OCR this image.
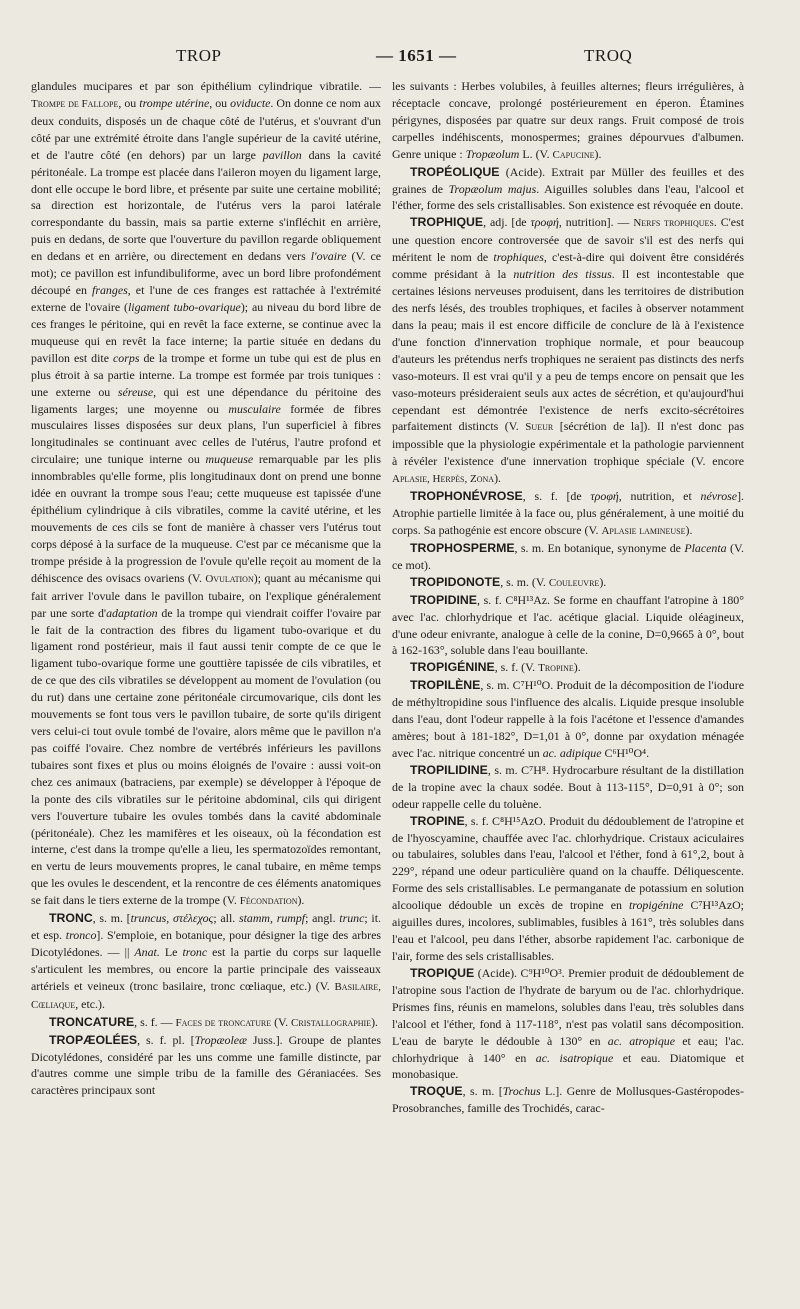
TROP	— 1651 —	TROQ

glandules mucipares et par son épithélium cylindrique vibratile. — Trompe de Fallope, ou trompe utérine, ou oviducte. On donne ce nom aux deux conduits, disposés un de chaque côté de l'utérus, et s'ouvrant d'un côté par une extrémité étroite dans l'angle supérieur de la cavité utérine, et de l'autre côté (en dehors) par un large pavillon dans la cavité péritonéale. La trompe est placée dans l'aileron moyen du ligament large, dont elle occupe le bord libre, et présente par suite une certaine mobilité; sa direction est horizontale, de l'utérus vers la paroi latérale correspondante du bassin, mais sa partie externe s'infléchit en arrière, puis en dedans, de sorte que l'ouverture du pavillon regarde obliquement en dedans et en arrière, ou directement en dedans vers l'ovaire (V. ce mot); ce pavillon est infundibuliforme, avec un bord libre profondément découpé en franges, et l'une de ces franges est rattachée à l'extrémité externe de l'ovaire (ligament tubo-ovarique); au niveau du bord libre de ces franges le péritoine, qui en revêt la face externe, se continue avec la muqueuse qui en revêt la face interne; la partie située en dedans du pavillon est dite corps de la trompe et forme un tube qui est de plus en plus étroit à sa partie interne. La trompe est formée par trois tuniques : une externe ou séreuse, qui est une dépendance du péritoine des ligaments larges; une moyenne ou musculaire formée de fibres musculaires lisses disposées sur deux plans, l'un superficiel à fibres longitudinales se continuant avec celles de l'utérus, l'autre profond et circulaire; une tunique interne ou muqueuse remarquable par les plis innombrables qu'elle forme, plis longitudinaux dont on prend une bonne idée en ouvrant la trompe sous l'eau; cette muqueuse est tapissée d'une épithélium cylindrique à cils vibratiles, comme la cavité utérine, et les mouvements de ces cils se font de manière à chasser vers l'utérus tout corps déposé à la surface de la muqueuse. C'est par ce mécanisme que la trompe préside à la progression de l'ovule qu'elle reçoit au moment de la déhiscence des ovisacs ovariens (V. Ovulation); quant au mécanisme qui fait arriver l'ovule dans le pavillon tubaire, on l'explique généralement par une sorte d'adaptation de la trompe qui viendrait coiffer l'ovaire par le fait de la contraction des fibres du ligament tubo-ovarique et du ligament rond postérieur, mais il faut aussi tenir compte de ce que le ligament tubo-ovarique forme une gouttière tapissée de cils vibratiles, et de ce que des cils vibratiles se développent au moment de l'ovulation (ou du rut) dans une certaine zone péritonéale circumovarique, cils dont les mouvements se font tous vers le pavillon tubaire, de sorte qu'ils dirigent vers celui-ci tout ovule tombé de l'ovaire, alors même que le pavillon n'a pas coiffé l'ovaire. Chez nombre de vertébrés inférieurs les pavillons tubaires sont fixes et plus ou moins éloignés de l'ovaire : aussi voit-on chez ces animaux (batraciens, par exemple) se développer à l'époque de la ponte des cils vibratiles sur le péritoine abdominal, cils qui dirigent vers l'ouverture tubaire les ovules tombés dans la cavité abdominale (péritonéale). Chez les mamifères et les oiseaux, où la fécondation est interne, c'est dans la trompe qu'elle a lieu, les spermatozoïdes remontant, en vertu de leurs mouvements propres, le canal tubaire, en même temps que les ovules le descendent, et la rencontre de ces éléments anatomiques se fait dans le tiers externe de la trompe (V. Fécondation).

TRONC, s. m. [truncus, στέλεχος; all. stamm, rumpf; angl. trunc; it. et esp. tronco]. S'emploie, en botanique, pour désigner la tige des arbres Dicotylédones. — || Anat. Le tronc est la partie du corps sur laquelle s'articulent les membres, ou encore la partie principale des vaisseaux artériels et veineux (tronc basilaire, tronc cœliaque, etc.) (V. Basilaire, Cœliaque, etc.).

TRONCATURE, s. f. — Faces de troncature (V. Cristallographie).

TROPÆOLÉES, s. f. pl. [Tropæoleæ Juss.]. Groupe de plantes Dicotylédones, considéré par les uns comme une famille distincte, par d'autres comme une simple tribu de la famille des Géraniacées. Ses caractères principaux sont

les suivants : Herbes volubiles, à feuilles alternes; fleurs irrégulières, à réceptacle concave, prolongé postérieurement en éperon. Étamines périgynes, disposées par quatre sur deux rangs. Fruit composé de trois carpelles indéhiscents, monospermes; graines dépourvues d'albumen. Genre unique : Tropæolum L. (V. Capucine).

TROPÉOLIQUE (Acide). Extrait par Müller des feuilles et des graines de Tropæolum majus. Aiguilles solubles dans l'eau, l'alcool et l'éther, forme des sels cristallisables. Son existence est révoquée en doute.

TROPHIQUE, adj. [de τροφή, nutrition]. — Nerfs trophiques. C'est une question encore controversée que de savoir s'il est des nerfs qui méritent le nom de trophiques, c'est-à-dire qui doivent être considérés comme présidant à la nutrition des tissus. Il est incontestable que certaines lésions nerveuses produisent, dans les territoires de distribution des nerfs lésés, des troubles trophiques, et faciles à observer notamment dans la peau; mais il est encore difficile de conclure de là à l'existence d'une fonction d'innervation trophique normale, et pour beaucoup d'auteurs les prétendus nerfs trophiques ne seraient pas distincts des nerfs vaso-moteurs. Il est vrai qu'il y a peu de temps encore on pensait que les vaso-moteurs présideraient seuls aux actes de sécrétion, et qu'aujourd'hui cependant est démontrée l'existence de nerfs excito-sécrétoires parfaitement distincts (V. Sueur [sécrétion de la]). Il n'est donc pas impossible que la physiologie expérimentale et la pathologie parviennent à révéler l'existence d'une innervation trophique spéciale (V. encore Aplasie, Herpès, Zona).

TROPHONÉVROSE, s. f. [de τροφή, nutrition, et névrose]. Atrophie partielle limitée à la face ou, plus généralement, à une moitié du corps. Sa pathogénie est encore obscure (V. Aplasie lamineuse).

TROPHOSPERME, s. m. En botanique, synonyme de Placenta (V. ce mot).

TROPIDONOTE, s. m. (V. Couleuvre).

TROPIDINE, s. f. C⁸H¹³Az. Se forme en chauffant l'atropine à 180° avec l'ac. chlorhydrique et l'ac. acétique glacial. Liquide oléagineux, d'une odeur enivrante, analogue à celle de la conine, D=0,9665 à 0°, bout à 162-163°, soluble dans l'eau bouillante.

TROPIGÉNINE, s. f. (V. Tropine).

TROPILÈNE, s. m. C⁷H¹⁰O. Produit de la décomposition de l'iodure de méthyltropidine sous l'influence des alcalis. Liquide presque insoluble dans l'eau, dont l'odeur rappelle à la fois l'acétone et l'essence d'amandes amères; bout à 181-182°, D=1,01 à 0°, donne par oxydation ménagée avec l'ac. nitrique concentré un ac. adipique C⁶H¹⁰O⁴.

TROPILIDINE, s. m. C⁷H⁸. Hydrocarbure résultant de la distillation de la tropine avec la chaux sodée. Bout à 113-115°, D=0,91 à 0°; son odeur rappelle celle du toluène.

TROPINE, s. f. C⁸H¹⁵AzO. Produit du dédoublement de l'atropine et de l'hyoscyamine, chauffée avec l'ac. chlorhydrique. Cristaux aciculaires ou tabulaires, solubles dans l'eau, l'alcool et l'éther, fond à 61°,2, bout à 229°, répand une odeur particulière quand on la chauffe. Déliquescente. Forme des sels cristallisables. Le permanganate de potassium en solution alcoolique dédouble un excès de tropine en tropigénine C⁷H¹³AzO; aiguilles dures, incolores, sublimables, fusibles à 161°, très solubles dans l'eau et l'alcool, peu dans l'éther, absorbe rapidement l'ac. carbonique de l'air, forme des sels cristallisables.

TROPIQUE (Acide). C⁹H¹⁰O³. Premier produit de dédoublement de l'atropine sous l'action de l'hydrate de baryum ou de l'ac. chlorhydrique. Prismes fins, réunis en mamelons, solubles dans l'eau, très solubles dans l'alcool et l'éther, fond à 117-118°, n'est pas volatil sans décomposition. L'eau de baryte le dédouble à 130° en ac. atropique et eau; l'ac. chlorhydrique à 140° en ac. isatropique et eau. Diatomique et monobasique.

TROQUE, s. m. [Trochus L.]. Genre de Mollusques-Gastéropodes-Prosobranches, famille des Trochidés, carac-
